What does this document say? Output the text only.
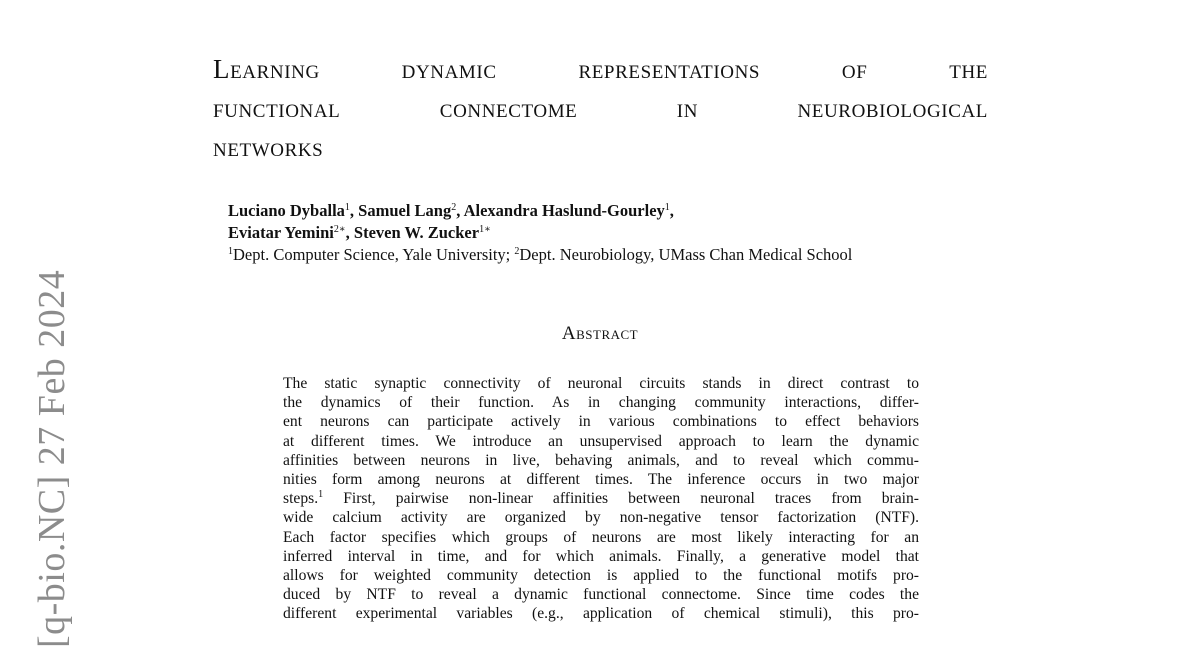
[q-bio.NC] 27 Feb 2024
Learning dynamic representations of the
functional connectome in neurobiological
networks
Luciano Dyballa$^1$, Samuel Lang$^2$, Alexandra Haslund-Gourley$^1$,
Eviatar Yemini$^{2∗}$, Steven W. Zucker$^{1∗}$
$^1$Dept. Computer Science, Yale University; $^2$Dept. Neurobiology, UMass Chan Medical School
Abstract
The static synaptic connectivity of neuronal circuits stands in direct contrast to
the dynamics of their function. As in changing community interactions, differ-
ent neurons can participate actively in various combinations to effect behaviors
at different times. We introduce an unsupervised approach to learn the dynamic
affinities between neurons in live, behaving animals, and to reveal which commu-
nities form among neurons at different times. The inference occurs in two major
steps.$^1$ First, pairwise non-linear affinities between neuronal traces from brain-
wide calcium activity are organized by non-negative tensor factorization (NTF).
Each factor specifies which groups of neurons are most likely interacting for an
inferred interval in time, and for which animals. Finally, a generative model that
allows for weighted community detection is applied to the functional motifs pro-
duced by NTF to reveal a dynamic functional connectome. Since time codes the
different experimental variables (e.g., application of chemical stimuli), this pro-
